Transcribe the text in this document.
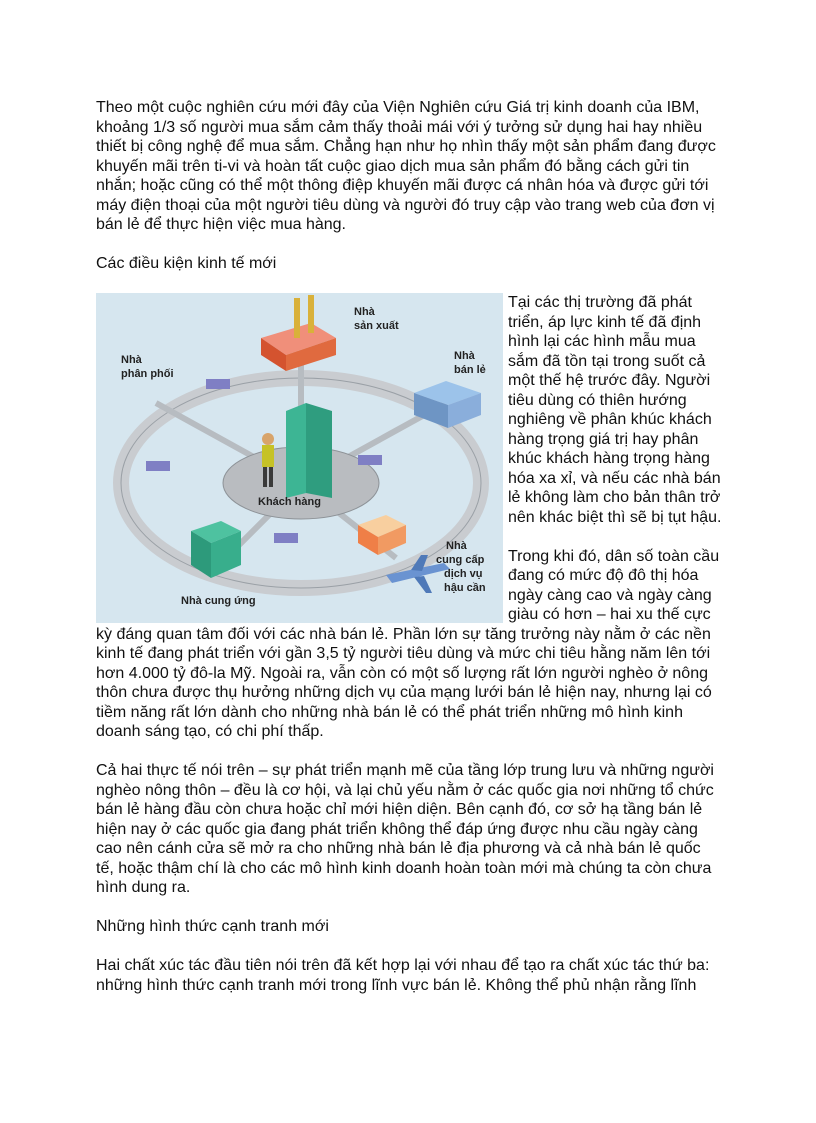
Theo một cuộc nghiên cứu mới đây của Viện Nghiên cứu Giá trị kinh doanh của IBM, khoảng 1/3 số người mua sắm cảm thấy thoải mái với ý tưởng sử dụng hai hay nhiều thiết bị công nghệ để mua sắm. Chẳng hạn như họ nhìn thấy một sản phẩm đang được khuyến mãi trên ti-vi và hoàn tất cuộc giao dịch mua sản phẩm đó bằng cách gửi tin nhắn; hoặc cũng có thể một thông điệp khuyến mãi được cá nhân hóa và được gửi tới máy điện thoại của một người tiêu dùng và người đó truy cập vào trang web của đơn vị bán lẻ để thực hiện việc mua hàng.

Các điều kiện kinh tế mới

Nhà
sản xuất
Nhà
phân phối
Nhà
bán lẻ
Khách hàng
Nhà cung ứng
Nhà
cung cấp
dịch vụ
hậu cần

Tại các thị trường đã phát triển, áp lực kinh tế đã định hình lại các hình mẫu mua sắm đã tồn tại trong suốt cả một thế hệ trước đây. Người tiêu dùng có thiên hướng nghiêng về phân khúc khách hàng trọng giá trị hay phân khúc khách hàng trọng hàng hóa xa xỉ, và nếu các nhà bán lẻ không làm cho bản thân trở nên khác biệt thì sẽ bị tụt hậu.

Trong khi đó, dân số toàn cầu đang có mức độ đô thị hóa ngày càng cao và ngày càng giàu có hơn – hai xu thế cực kỳ đáng quan tâm đối với các nhà bán lẻ. Phần lớn sự tăng trưởng này nằm ở các nền kinh tế đang phát triển với gần 3,5 tỷ người tiêu dùng và mức chi tiêu hằng năm lên tới hơn 4.000 tỷ đô-la Mỹ. Ngoài ra, vẫn còn có một số lượng rất lớn người nghèo ở nông thôn chưa được thụ hưởng những dịch vụ của mạng lưới bán lẻ hiện nay, nhưng lại có tiềm năng rất lớn dành cho những nhà bán lẻ có thể phát triển những mô hình kinh doanh sáng tạo, có chi phí thấp.

Cả hai thực tế nói trên – sự phát triển mạnh mẽ của tầng lớp trung lưu và những người nghèo nông thôn – đều là cơ hội, và lại chủ yếu nằm ở các quốc gia nơi những tổ chức bán lẻ hàng đầu còn chưa hoặc chỉ mới hiện diện. Bên cạnh đó, cơ sở hạ tầng bán lẻ hiện nay ở các quốc gia đang phát triển không thể đáp ứng được nhu cầu ngày càng cao nên cánh cửa sẽ mở ra cho những nhà bán lẻ địa phương và cả nhà bán lẻ quốc tế, hoặc thậm chí là cho các mô hình kinh doanh hoàn toàn mới mà chúng ta còn chưa hình dung ra.

Những hình thức cạnh tranh mới

Hai chất xúc tác đầu tiên nói trên đã kết hợp lại với nhau để tạo ra chất xúc tác thứ ba: những hình thức cạnh tranh mới trong lĩnh vực bán lẻ. Không thể phủ nhận rằng lĩnh
